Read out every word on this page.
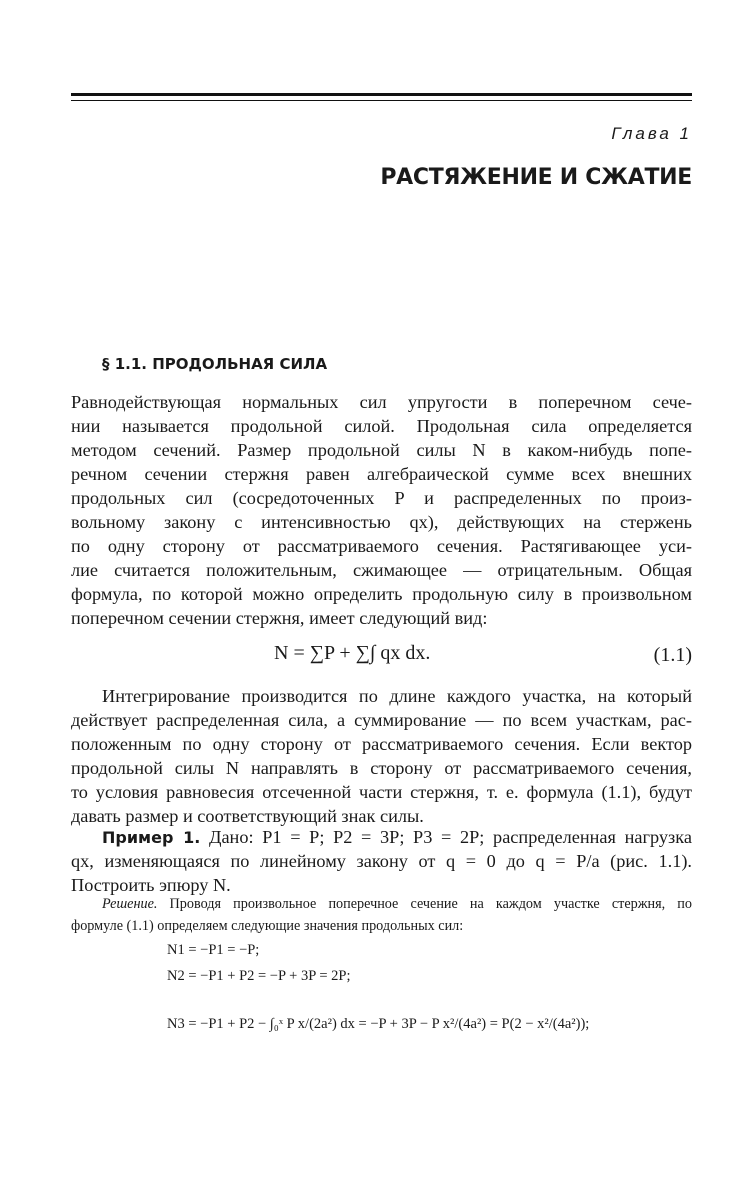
Глава 1
РАСТЯЖЕНИЕ И СЖАТИЕ
§ 1.1. ПРОДОЛЬНАЯ СИЛА
Равнодействующая нормальных сил упругости в поперечном сече-
нии называется продольной силой. Продольная сила определяется
методом сечений. Размер продольной силы N в каком-нибудь попе-
речном сечении стержня равен алгебраической сумме всех внешних
продольных сил (сосредоточенных P и распределенных по произ-
вольному закону с интенсивностью qx), действующих на стержень
по одну сторону от рассматриваемого сечения. Растягивающее уси-
лие считается положительным, сжимающее — отрицательным. Общая
формула, по которой можно определить продольную силу в произвольном
поперечном сечении стержня, имеет следующий вид:
N = ∑P + ∑∫ qx dx.	(1.1)
Интегрирование производится по длине каждого участка, на который
действует распределенная сила, а суммирование — по всем участкам, рас-
положенным по одну сторону от рассматриваемого сечения. Если вектор
продольной силы N направлять в сторону от рассматриваемого сечения,
то условия равновесия отсеченной части стержня, т. е. формула (1.1), будут
давать размер и соответствующий знак силы.
Пример 1. Дано: P1 = P; P2 = 3P; P3 = 2P; распределенная нагрузка
qx, изменяющаяся по линейному закону от q = 0 до q = P/a (рис. 1.1).
Построить эпюру N.
Решение. Проводя произвольное поперечное сечение на каждом участке стержня, по
формуле (1.1) определяем следующие значения продольных сил:
N1 = −P1 = −P;
N2 = −P1 + P2 = −P + 3P = 2P;
N3 = −P1 + P2 − ∫₀ˣ P x/(2a²) dx = −P + 3P − P x²/(4a²) = P(2 − x²/(4a²));
